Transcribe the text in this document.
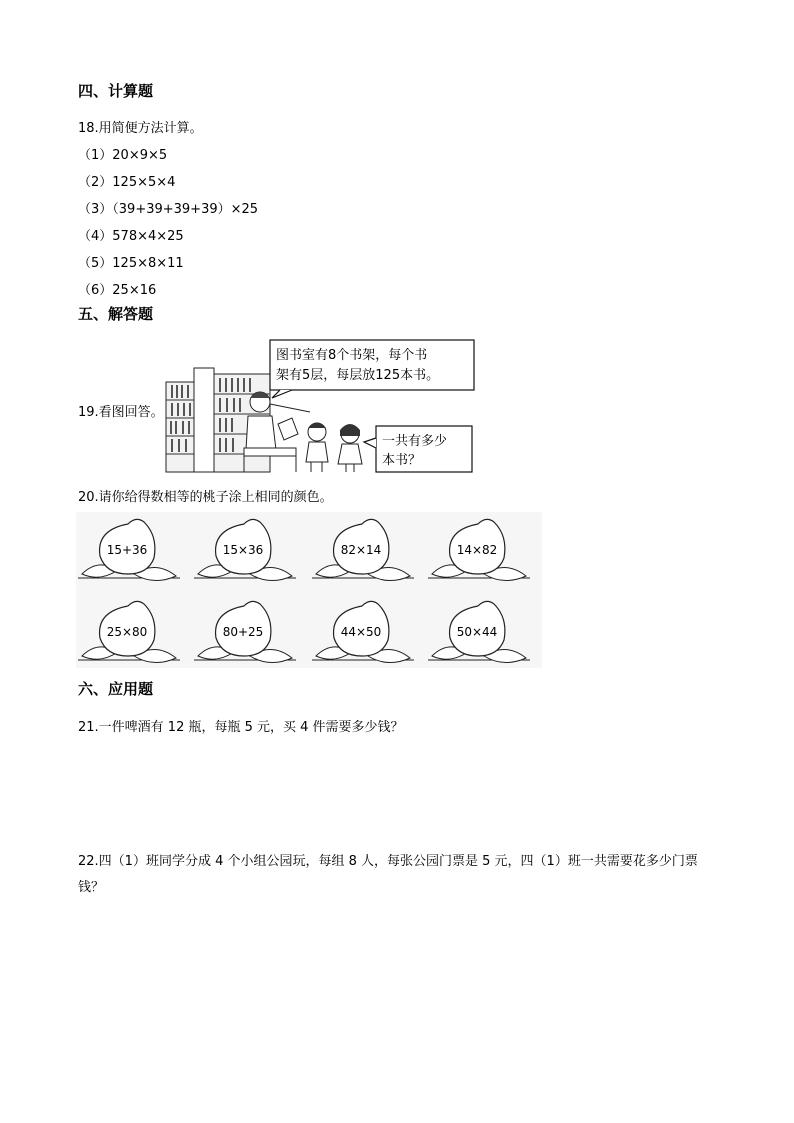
四、计算题
18.用简便方法计算。
（1）20×9×5
（2）125×5×4
（3）（39+39+39+39）×25
（4）578×4×25
（5）125×8×11
（6）25×16
五、解答题
19.看图回答。
图书室有8个书架，每个书
架有5层，每层放125本书。
一共有多少
本书？
20.请你给得数相等的桃子涂上相同的颜色。
15+36	15×36	82×14	14×82
25×80	80+25	44×50	50×44
六、应用题
21.一件啤酒有 12 瓶，每瓶 5 元，买 4 件需要多少钱？
22.四（1）班同学分成 4 个小组公园玩，每组 8 人，每张公园门票是 5 元，四（1）班一共需要花多少门票
钱？
